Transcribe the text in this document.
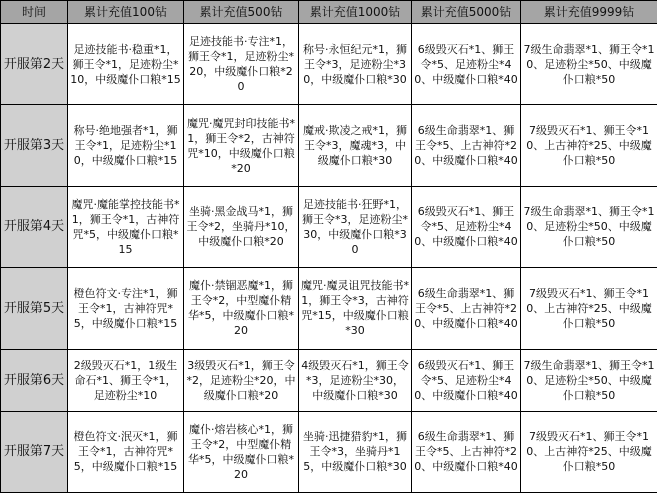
时间	累计充值100钻	累计充值500钻	累计充值1000钻	累计充值5000钻	累计充值9999钻
开服第2天	足迹技能书·稳重*1，狮王令*1，足迹粉尘*10，中级魔仆口粮*15	足迹技能书·专注*1，狮王令*1，足迹粉尘*20，中级魔仆口粮*20	称号·永恒纪元*1，狮王令*3，足迹粉尘*30，中级魔仆口粮*30	6级毁灭石*1、狮王令*5、足迹粉尘*40、中级魔仆口粮*40	7级生命翡翠*1、狮王令*10、足迹粉尘*50、中级魔仆口粮*50
开服第3天	称号·绝地强者*1，狮王令*1，足迹粉尘*10，中级魔仆口粮*15	魔咒·魔咒封印技能书*1，狮王令*2，古神符咒*10，中级魔仆口粮*20	魔戒·欺凌之戒*1，狮王令*3，魔魂*3，中级魔仆口粮*30	6级生命翡翠*1、狮王令*5、上古神符*20、中级魔仆口粮*40	7级毁灭石*1、狮王令*10、上古神符*25、中级魔仆口粮*50
开服第4天	魔咒·魔能掌控技能书*1，狮王令*1，古神符咒*5，中级魔仆口粮*15	坐骑·黑金战马*1，狮王令*2，坐骑丹*10，中级魔仆口粮*20	足迹技能书·狂野*1，狮王令*3，足迹粉尘*30，中级魔仆口粮*30	6级毁灭石*1、狮王令*5、足迹粉尘*40、中级魔仆口粮*40	7级生命翡翠*1、狮王令*10、足迹粉尘*50、中级魔仆口粮*50
开服第5天	橙色符文·专注*1，狮王令*1，古神符咒*5，中级魔仆口粮*15	魔仆·禁锢恶魔*1，狮王令*2，中型魔仆精华*5，中级魔仆口粮*20	魔咒·魔灵诅咒技能书*1，狮王令*3，古神符咒*15，中级魔仆口粮*30	6级生命翡翠*1、狮王令*5、上古神符*20、中级魔仆口粮*40	7级毁灭石*1、狮王令*10、上古神符*25、中级魔仆口粮*50
开服第6天	2级毁灭石*1，1级生命石*1、狮王令*1，足迹粉尘*10	3级毁灭石*1，狮王令*2，足迹粉尘*20，中级魔仆口粮*20	4级毁灭石*1，狮王令*3，足迹粉尘*30，中级魔仆口粮*30	6级毁灭石*1、狮王令*5、足迹粉尘*40、中级魔仆口粮*40	7级生命翡翠*1、狮王令*10、足迹粉尘*50、中级魔仆口粮*50
开服第7天	橙色符文·泯灭*1，狮王令*1，古神符咒*5，中级魔仆口粮*15	魔仆·熔岩核心*1，狮王令*2，中型魔仆精华*5，中级魔仆口粮*20	坐骑·迅捷猎豹*1，狮王令*3，坐骑丹*15，中级魔仆口粮*30	6级生命翡翠*1、狮王令*5、上古神符*20、中级魔仆口粮*40	7级毁灭石*1、狮王令*10、上古神符*25、中级魔仆口粮*50
